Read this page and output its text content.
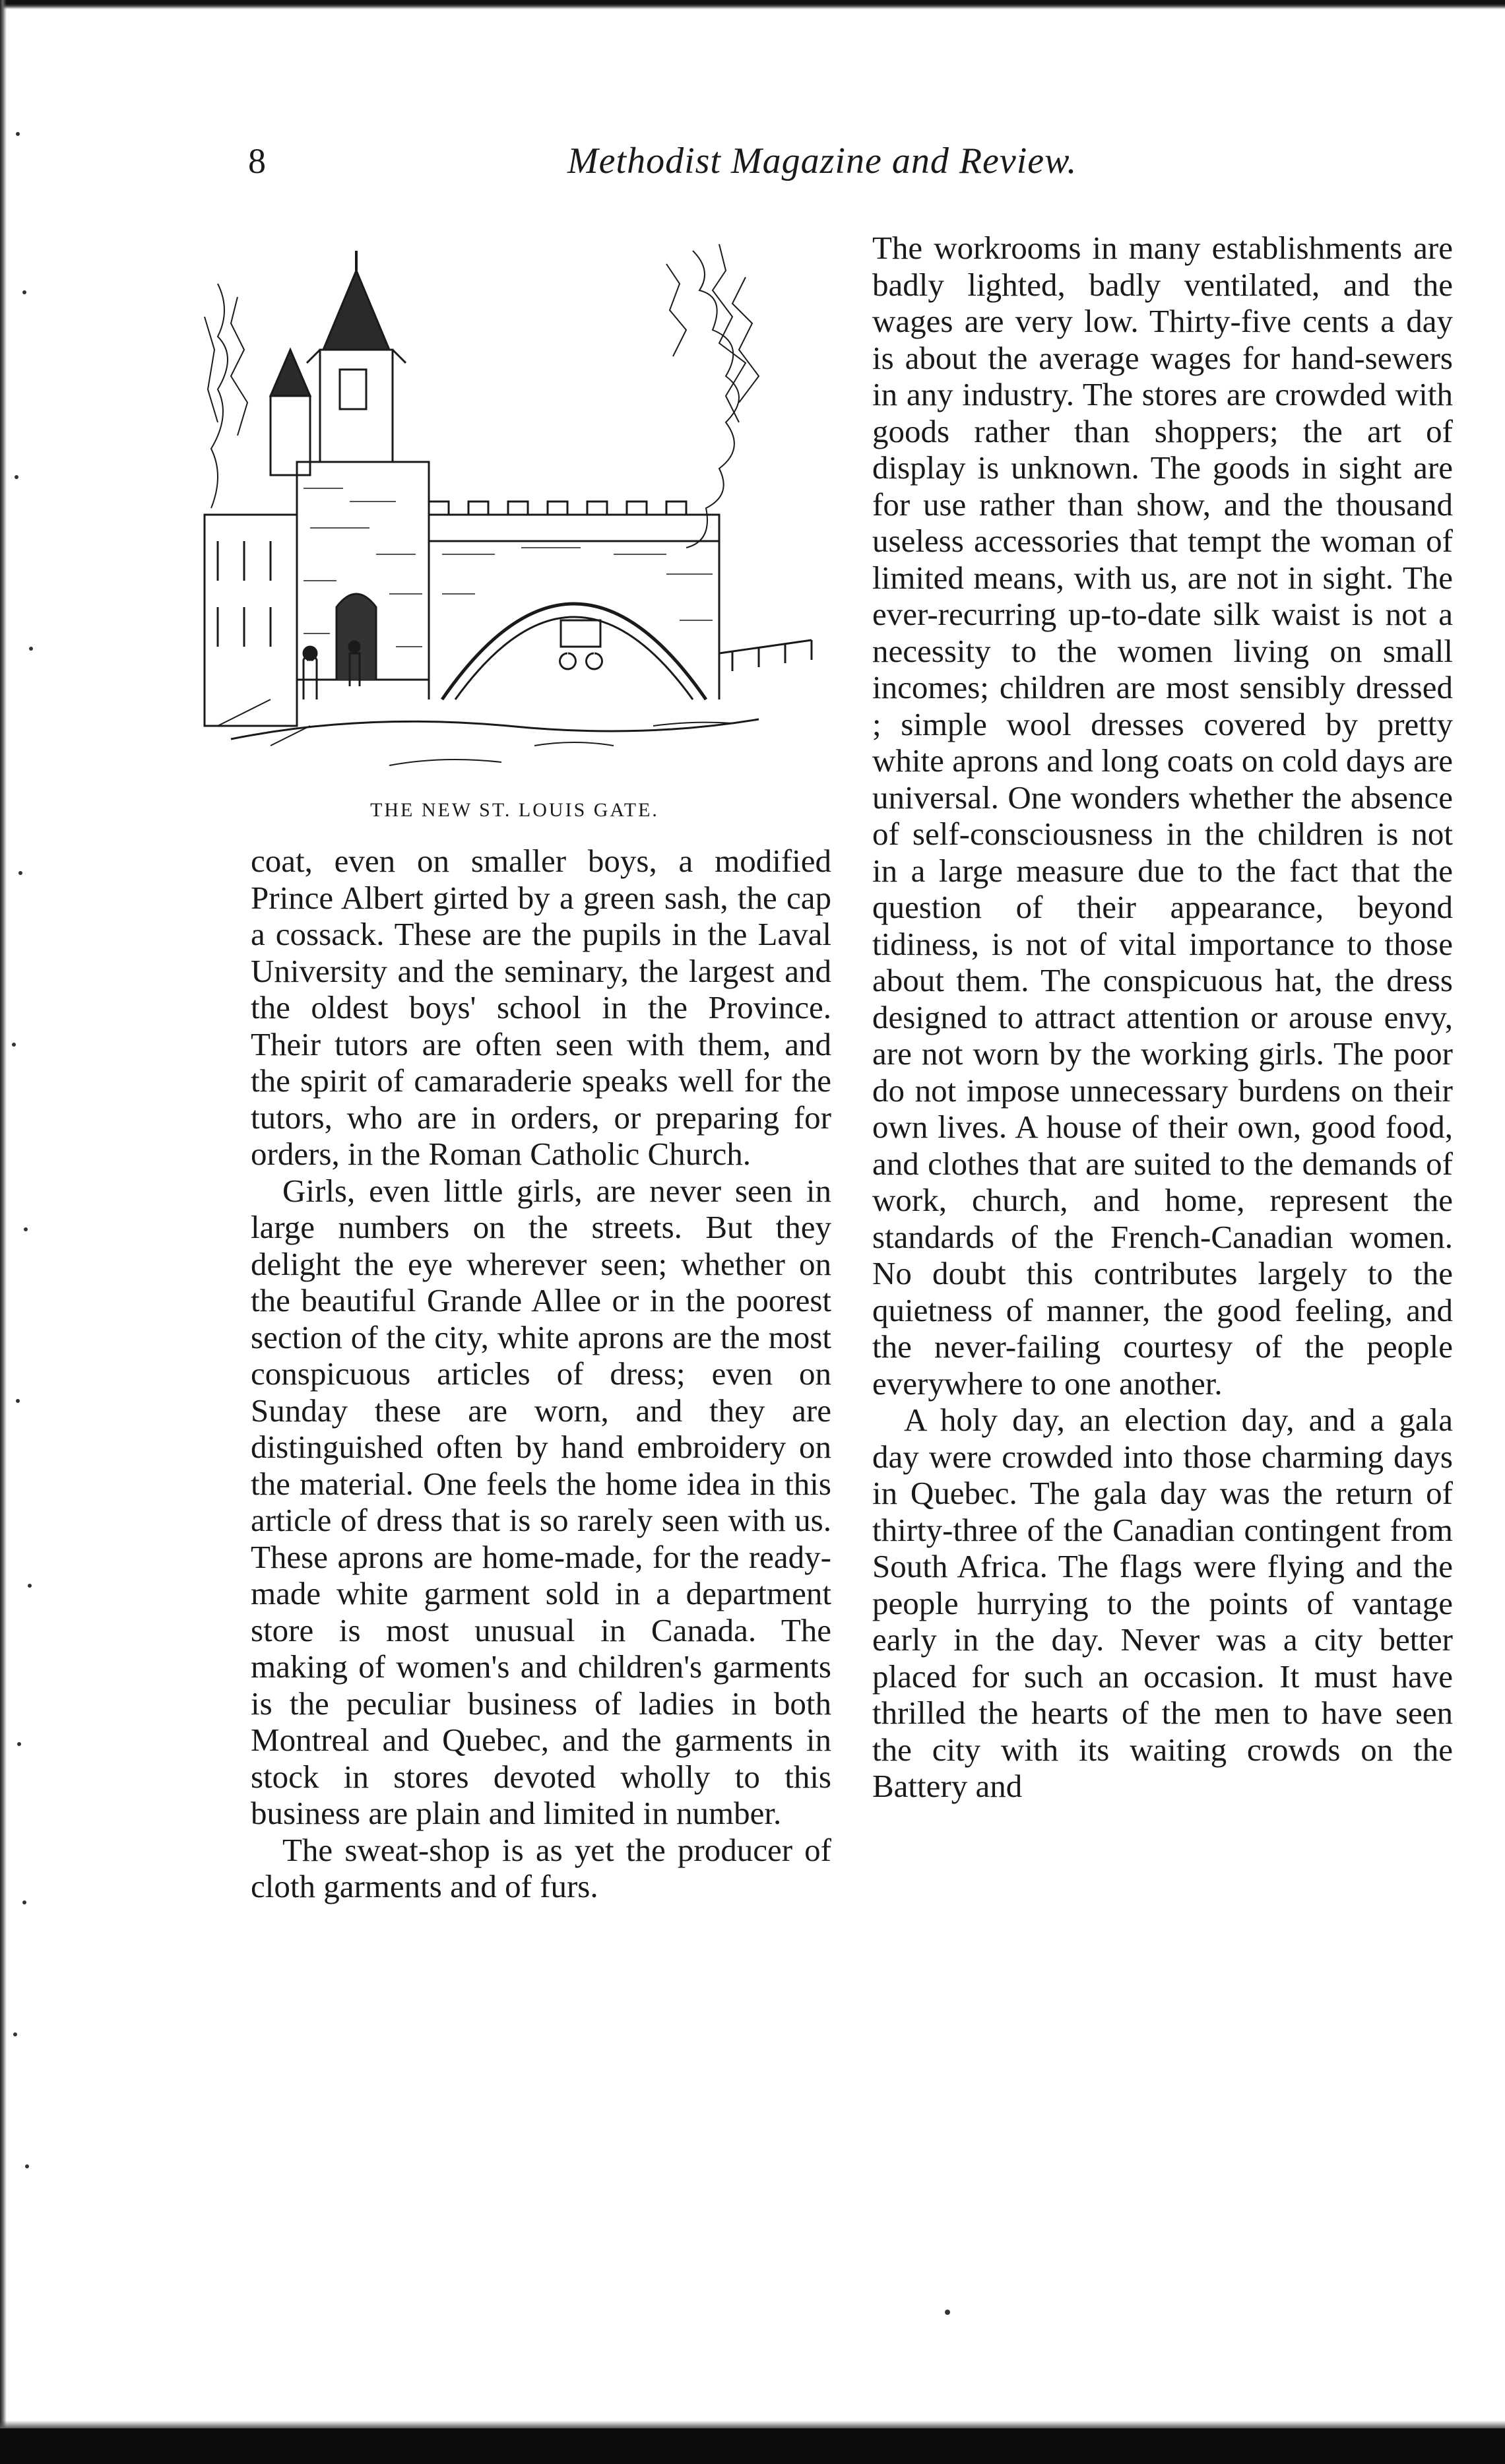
8	Methodist Magazine and Review.
THE NEW ST. LOUIS GATE.

coat, even on smaller boys, a modified Prince Albert girted by a green sash, the cap a cossack. These are the pupils in the Laval University and the seminary, the largest and the oldest boys' school in the Province. Their tutors are often seen with them, and the spirit of camaraderie speaks well for the tutors, who are in orders, or preparing for orders, in the Roman Catholic Church.

Girls, even little girls, are never seen in large numbers on the streets. But they delight the eye wherever seen; whether on the beautiful Grande Allee or in the poorest section of the city, white aprons are the most conspicuous articles of dress; even on Sunday these are worn, and they are distinguished often by hand embroidery on the material. One feels the home idea in this article of dress that is so rarely seen with us. These aprons are home-made, for the ready-made white garment sold in a department store is most unusual in Canada. The making of women's and children's garments is the peculiar business of ladies in both Montreal and Quebec, and the garments in stock in stores devoted wholly to this business are plain and limited in number.

The sweat-shop is as yet the producer of cloth garments and of furs.

The workrooms in many establishments are badly lighted, badly ventilated, and the wages are very low. Thirty-five cents a day is about the average wages for hand-sewers in any industry. The stores are crowded with goods rather than shoppers; the art of display is unknown. The goods in sight are for use rather than show, and the thousand useless accessories that tempt the woman of limited means, with us, are not in sight. The ever-recurring up-to-date silk waist is not a necessity to the women living on small incomes; children are most sensibly dressed ; simple wool dresses covered by pretty white aprons and long coats on cold days are universal. One wonders whether the absence of self-consciousness in the children is not in a large measure due to the fact that the question of their appearance, beyond tidiness, is not of vital importance to those about them. The conspicuous hat, the dress designed to attract attention or arouse envy, are not worn by the working girls. The poor do not impose unnecessary burdens on their own lives. A house of their own, good food, and clothes that are suited to the demands of work, church, and home, represent the standards of the French-Canadian women. No doubt this contributes largely to the quietness of manner, the good feeling, and the never-failing courtesy of the people everywhere to one another.

A holy day, an election day, and a gala day were crowded into those charming days in Quebec. The gala day was the return of thirty-three of the Canadian contingent from South Africa. The flags were flying and the people hurrying to the points of vantage early in the day. Never was a city better placed for such an occasion. It must have thrilled the hearts of the men to have seen the city with its waiting crowds on the Battery and
